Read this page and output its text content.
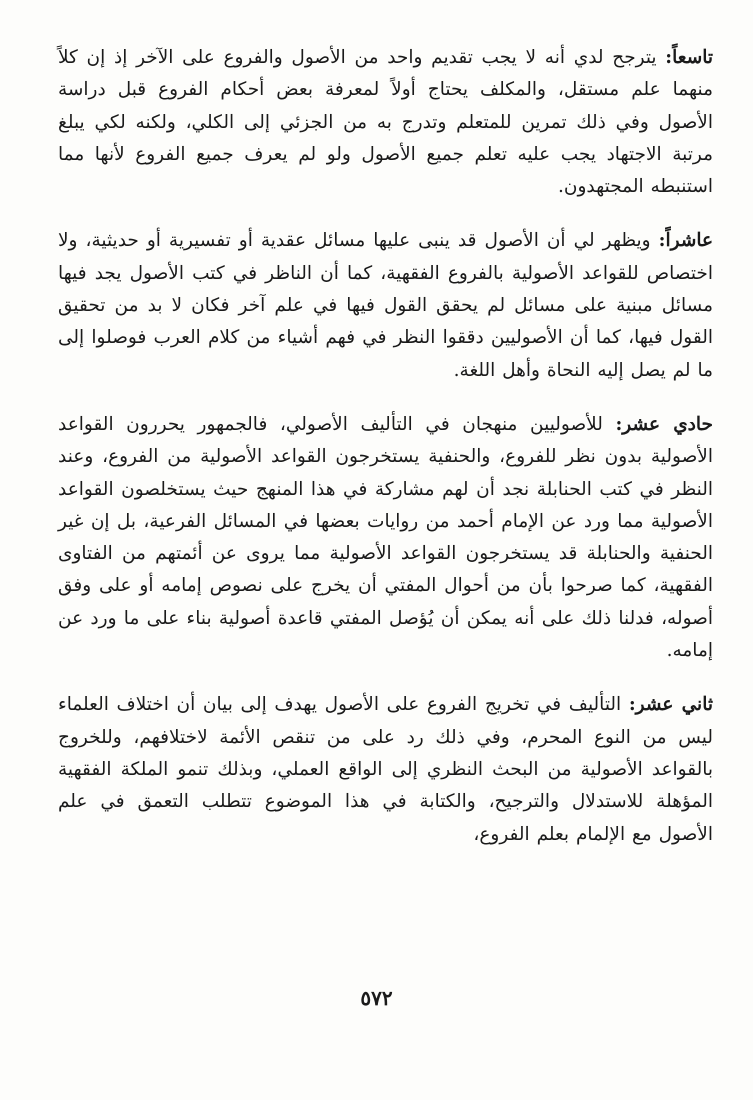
تاسعاً: يترجح لدي أنه لا يجب تقديم واحد من الأصول والفروع على الآخر إذ إن كلاً منهما علم مستقل، والمكلف يحتاج أولاً لمعرفة بعض أحكام الفروع قبل دراسة الأصول وفي ذلك تمرين للمتعلم وتدرج به من الجزئي إلى الكلي، ولكنه لكي يبلغ مرتبة الاجتهاد يجب عليه تعلم جميع الأصول ولو لم يعرف جميع الفروع لأنها مما استنبطه المجتهدون.

عاشراً: ويظهر لي أن الأصول قد ينبى عليها مسائل عقدية أو تفسيرية أو حديثية، ولا اختصاص للقواعد الأصولية بالفروع الفقهية، كما أن الناظر في كتب الأصول يجد فيها مسائل مبنية على مسائل لم يحقق القول فيها في علم آخر فكان لا بد من تحقيق القول فيها، كما أن الأصوليين دققوا النظر في فهم أشياء من كلام العرب فوصلوا إلى ما لم يصل إليه النحاة وأهل اللغة.

حادي عشر: للأصوليين منهجان في التأليف الأصولي، فالجمهور يحررون القواعد الأصولية بدون نظر للفروع، والحنفية يستخرجون القواعد الأصولية من الفروع، وعند النظر في كتب الحنابلة نجد أن لهم مشاركة في هذا المنهج حيث يستخلصون القواعد الأصولية مما ورد عن الإمام أحمد من روايات بعضها في المسائل الفرعية، بل إن غير الحنفية والحنابلة قد يستخرجون القواعد الأصولية مما يروى عن أئمتهم من الفتاوى الفقهية، كما صرحوا بأن من أحوال المفتي أن يخرج على نصوص إمامه أو على وفق أصوله، فدلنا ذلك على أنه يمكن أن يُؤصل المفتي قاعدة أصولية بناء على ما ورد عن إمامه.

ثاني عشر: التأليف في تخريج الفروع على الأصول يهدف إلى بيان أن اختلاف العلماء ليس من النوع المحرم، وفي ذلك رد على من تنقص الأئمة لاختلافهم، وللخروج بالقواعد الأصولية من البحث النظري إلى الواقع العملي، وبذلك تنمو الملكة الفقهية المؤهلة للاستدلال والترجيح، والكتابة في هذا الموضوع تتطلب التعمق في علم الأصول مع الإلمام بعلم الفروع،

٥٧٢
